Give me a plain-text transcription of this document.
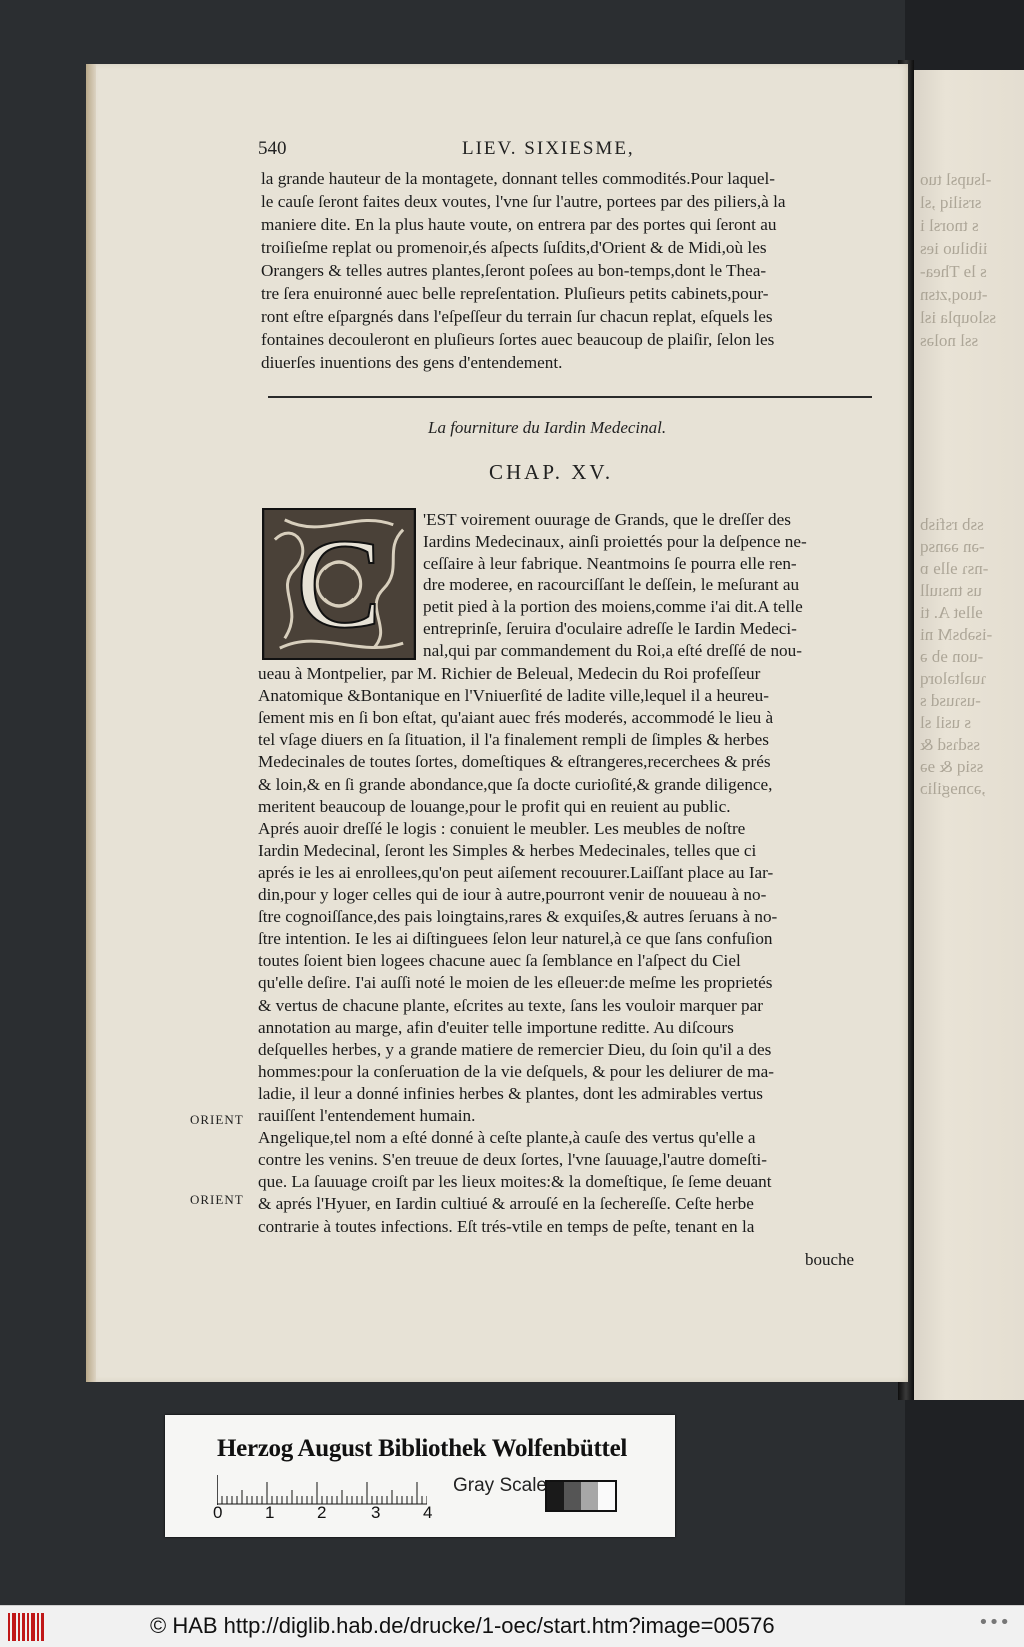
-lsupsl tuo
srsiliq ,sl
s tnorsl i
iibiluo ies
s lɘ Thea-
-tuoq,ztsn
ssloupla isl
ssl noləs
ssb rsfisb
-ən əənsq
-nsɿ ɘllɘ ɒ
us tnsıull
ɘllɘt A. ti
-isəbsM ni
-uon ɘb ə
ɿuəltəlorq
-usɿusd s
s usil sl
ssdɿsd &
ssiq & ɘə
,əɔnɘgiliɔ
540	LIEV. SIXIESME,
la grande hauteur de la montagete, donnant telles commodités.Pour laquel-
le cauſe ſeront faites deux voutes, l'vne ſur l'autre, portees par des piliers,à la
maniere dite. En la plus haute voute, on entrera par des portes qui ſeront au
troiſieſme replat ou promenoir,és aſpects ſuſdits,d'Orient & de Midi,où les
Orangers & telles autres plantes,ſeront poſees au bon-temps,dont le Thea-
tre ſera enuironné auec belle repreſentation. Pluſieurs petits cabinets,pour-
ront eſtre eſpargnés dans l'eſpeſſeur du terrain ſur chacun replat, eſquels les
fontaines decouleront en pluſieurs ſortes auec beaucoup de plaiſir, ſelon les
diuerſes inuentions des gens d'entendement.
La fourniture du Iardin Medecinal.
CHAP. XV.
C 'EST voirement ouurage de Grands, que le dreſſer des
Iardins Medecinaux, ainſi proiettés pour la deſpence ne-
ceſſaire à leur fabrique. Neantmoins ſe pourra elle ren-
dre moderee, en racourciſſant le deſſein, le meſurant au
petit pied à la portion des moiens,comme i'ai dit.A telle
entreprinſe, ſeruira d'oculaire adreſſe le Iardin Medeci-
nal,qui par commandement du Roi,a eſté dreſſé de nou-
ueau à Montpelier, par M. Richier de Beleual, Medecin du Roi profeſſeur
Anatomique &Bontanique en l'Vniuerſité de ladite ville,lequel il a heureu-
ſement mis en ſi bon eſtat, qu'aiant auec frés moderés, accommodé le lieu à
tel vſage diuers en ſa ſituation, il l'a finalement rempli de ſimples & herbes
Medecinales de toutes ſortes, domeſtiques & eſtrangeres,recerchees & prés
& loin,& en ſi grande abondance,que ſa docte curioſité,& grande diligence,
meritent beaucoup de louange,pour le profit qui en reuient au public.
Aprés auoir dreſſé le logis : conuient le meubler. Les meubles de noſtre
Iardin Medecinal, ſeront les Simples & herbes Medecinales, telles que ci
aprés ie les ai enrollees,qu'on peut aiſement recouurer.Laiſſant place au Iar-
din,pour y loger celles qui de iour à autre,pourront venir de nouueau à no-
ſtre cognoiſſance,des pais loingtains,rares & exquiſes,& autres ſeruans à no-
ſtre intention. Ie les ai diſtinguees ſelon leur naturel,à ce que ſans confuſion
toutes ſoient bien logees chacune auec ſa ſemblance en l'aſpect du Ciel
qu'elle deſire. I'ai auſſi noté le moien de les eſleuer:de meſme les proprietés
& vertus de chacune plante, eſcrites au texte, ſans les vouloir marquer par
annotation au marge, afin d'euiter telle importune reditte. Au diſcours
deſquelles herbes, y a grande matiere de remercier Dieu, du ſoin qu'il a des
hommes:pour la conſeruation de la vie deſquels, & pour les deliurer de ma-
ladie, il leur a donné infinies herbes & plantes, dont les admirables vertus
rauiſſent l'entendement humain.
Angelique,tel nom a eſté donné à ceſte plante,à cauſe des vertus qu'elle a
contre les venins. S'en treuue de deux ſortes, l'vne ſauuage,l'autre domeſti-
que. La ſauuage croiſt par les lieux moites:& la domeſtique, ſe ſeme deuant
& aprés l'Hyuer, en Iardin cultiué & arrouſé en la ſechereſſe. Ceſte herbe
contrarie à toutes infections. Eſt trés-vtile en temps de peſte, tenant en la
ORIENT
ORIENT
bouche
Herzog August Bibliothek Wolfenbüttel
0	1	2	3	4
Gray Scale
© HAB http://diglib.hab.de/drucke/1-oec/start.htm?image=00576	•••
